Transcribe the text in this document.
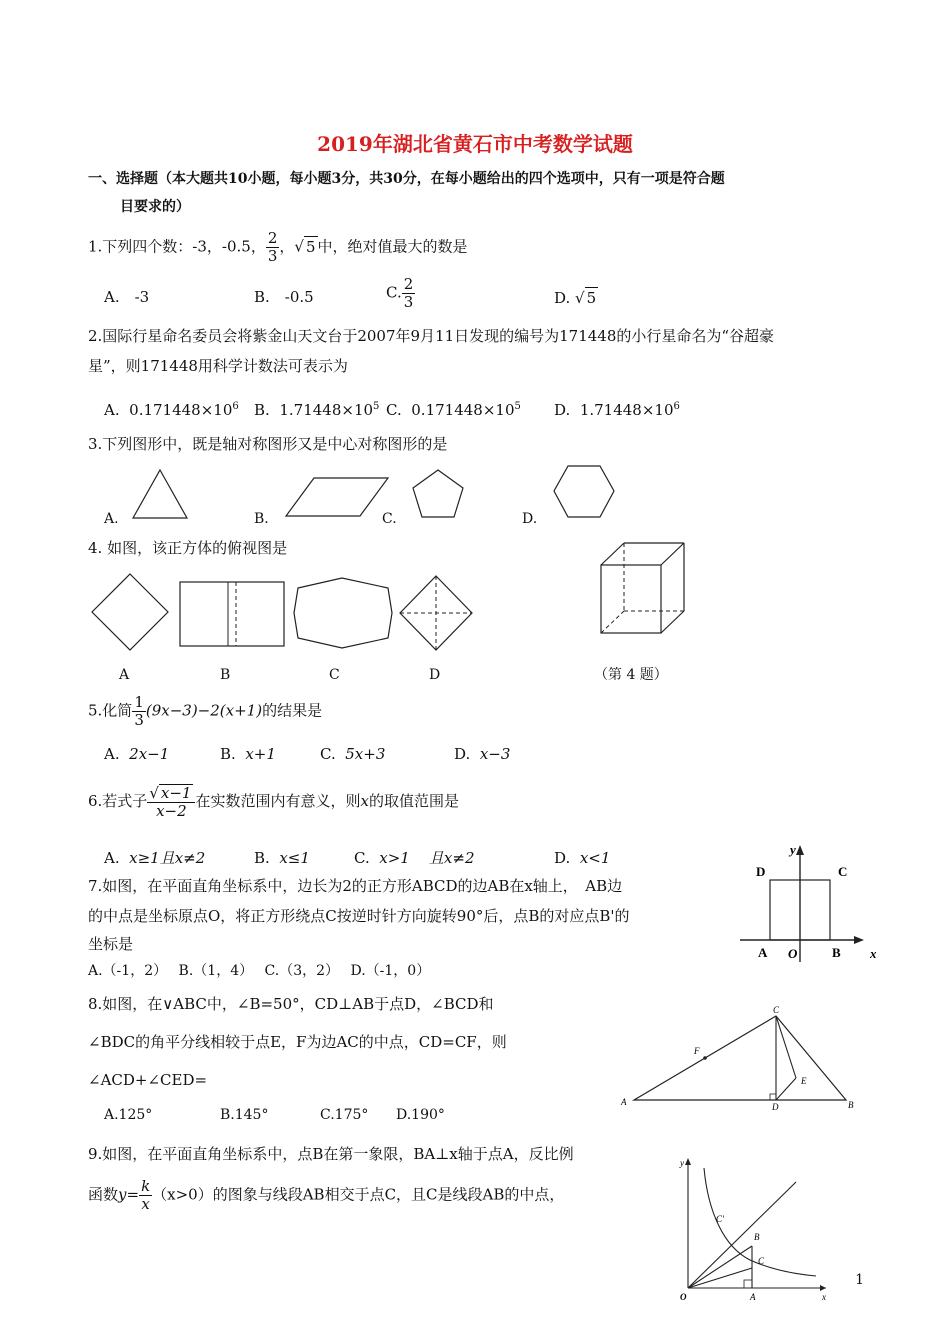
2019年湖北省黄石市中考数学试题
一、选择题（本大题共10小题，每小题3分，共30分，在每小题给出的四个选项中，只有一项是符合题
目要求的）
1.下列四个数：-3，-0.5， $\frac{2}{3}$ ，√ 5 中，绝对值最大的数是
A.　-3	B.　-0.5	C. $\frac{2}{3}$	D. √ 5
2.国际行星命名委员会将紫金山天文台于2007年9月11日发现的编号为171448的小行星命名为“谷超豪
星”，则171448用科学计数法可表示为
A. $0.171448\times 10^6$ B. $1.71448\times 10^5$ C. $0.171448\times 10^5$ D. $1.71448\times 10^6$
3.下列图形中，既是轴对称图形又是中心对称图形的是
A.	B.	C.	D.
4. 如图，该正方体的俯视图是
A	B	C	D	（第 4 题）
5.化简 $\frac{1}{3} (9x-3)-2(x+1)$的结果是
A. 2x−1	B. x+1	C. 5x+3	D. x−3
6.若式子 $\frac{√ x-1}{x-2}$ 在实数范围内有意义，则x的取值范围是
A. x≥1且x≠2	B. x≤1	C. x>1 且x≠2	D. x<1
7.如图，在平面直角坐标系中，边长为2的正方形ABCD的边AB在x轴上，　AB边
的中点是坐标原点O，将正方形绕点C按逆时针方向旋转90°后，点B的对应点B'的
坐标是
A.（-1，2）　 B.（1，4）　 C.（3，2）　 D.（-1，0）
y
x
D	C
A O	B
8.如图，在∨ABC中，∠B=50°，CD⊥AB于点D，∠BCD和
∠BDC的角平分线相较于点E，F为边AC的中点，CD=CF，则
∠ACD+∠CED=
A.125°	B.145°	C.175° D.190°
C
F
E
A	D	B
9.如图，在平面直角坐标系中，点B在第一象限，BA⊥x轴于点A，反比例
函数$y= \frac{k}{x} (x>0)$的图象与线段AB相交于点C，且C是线段AB的中点，
y
x
O	A
B
C
C'
1
